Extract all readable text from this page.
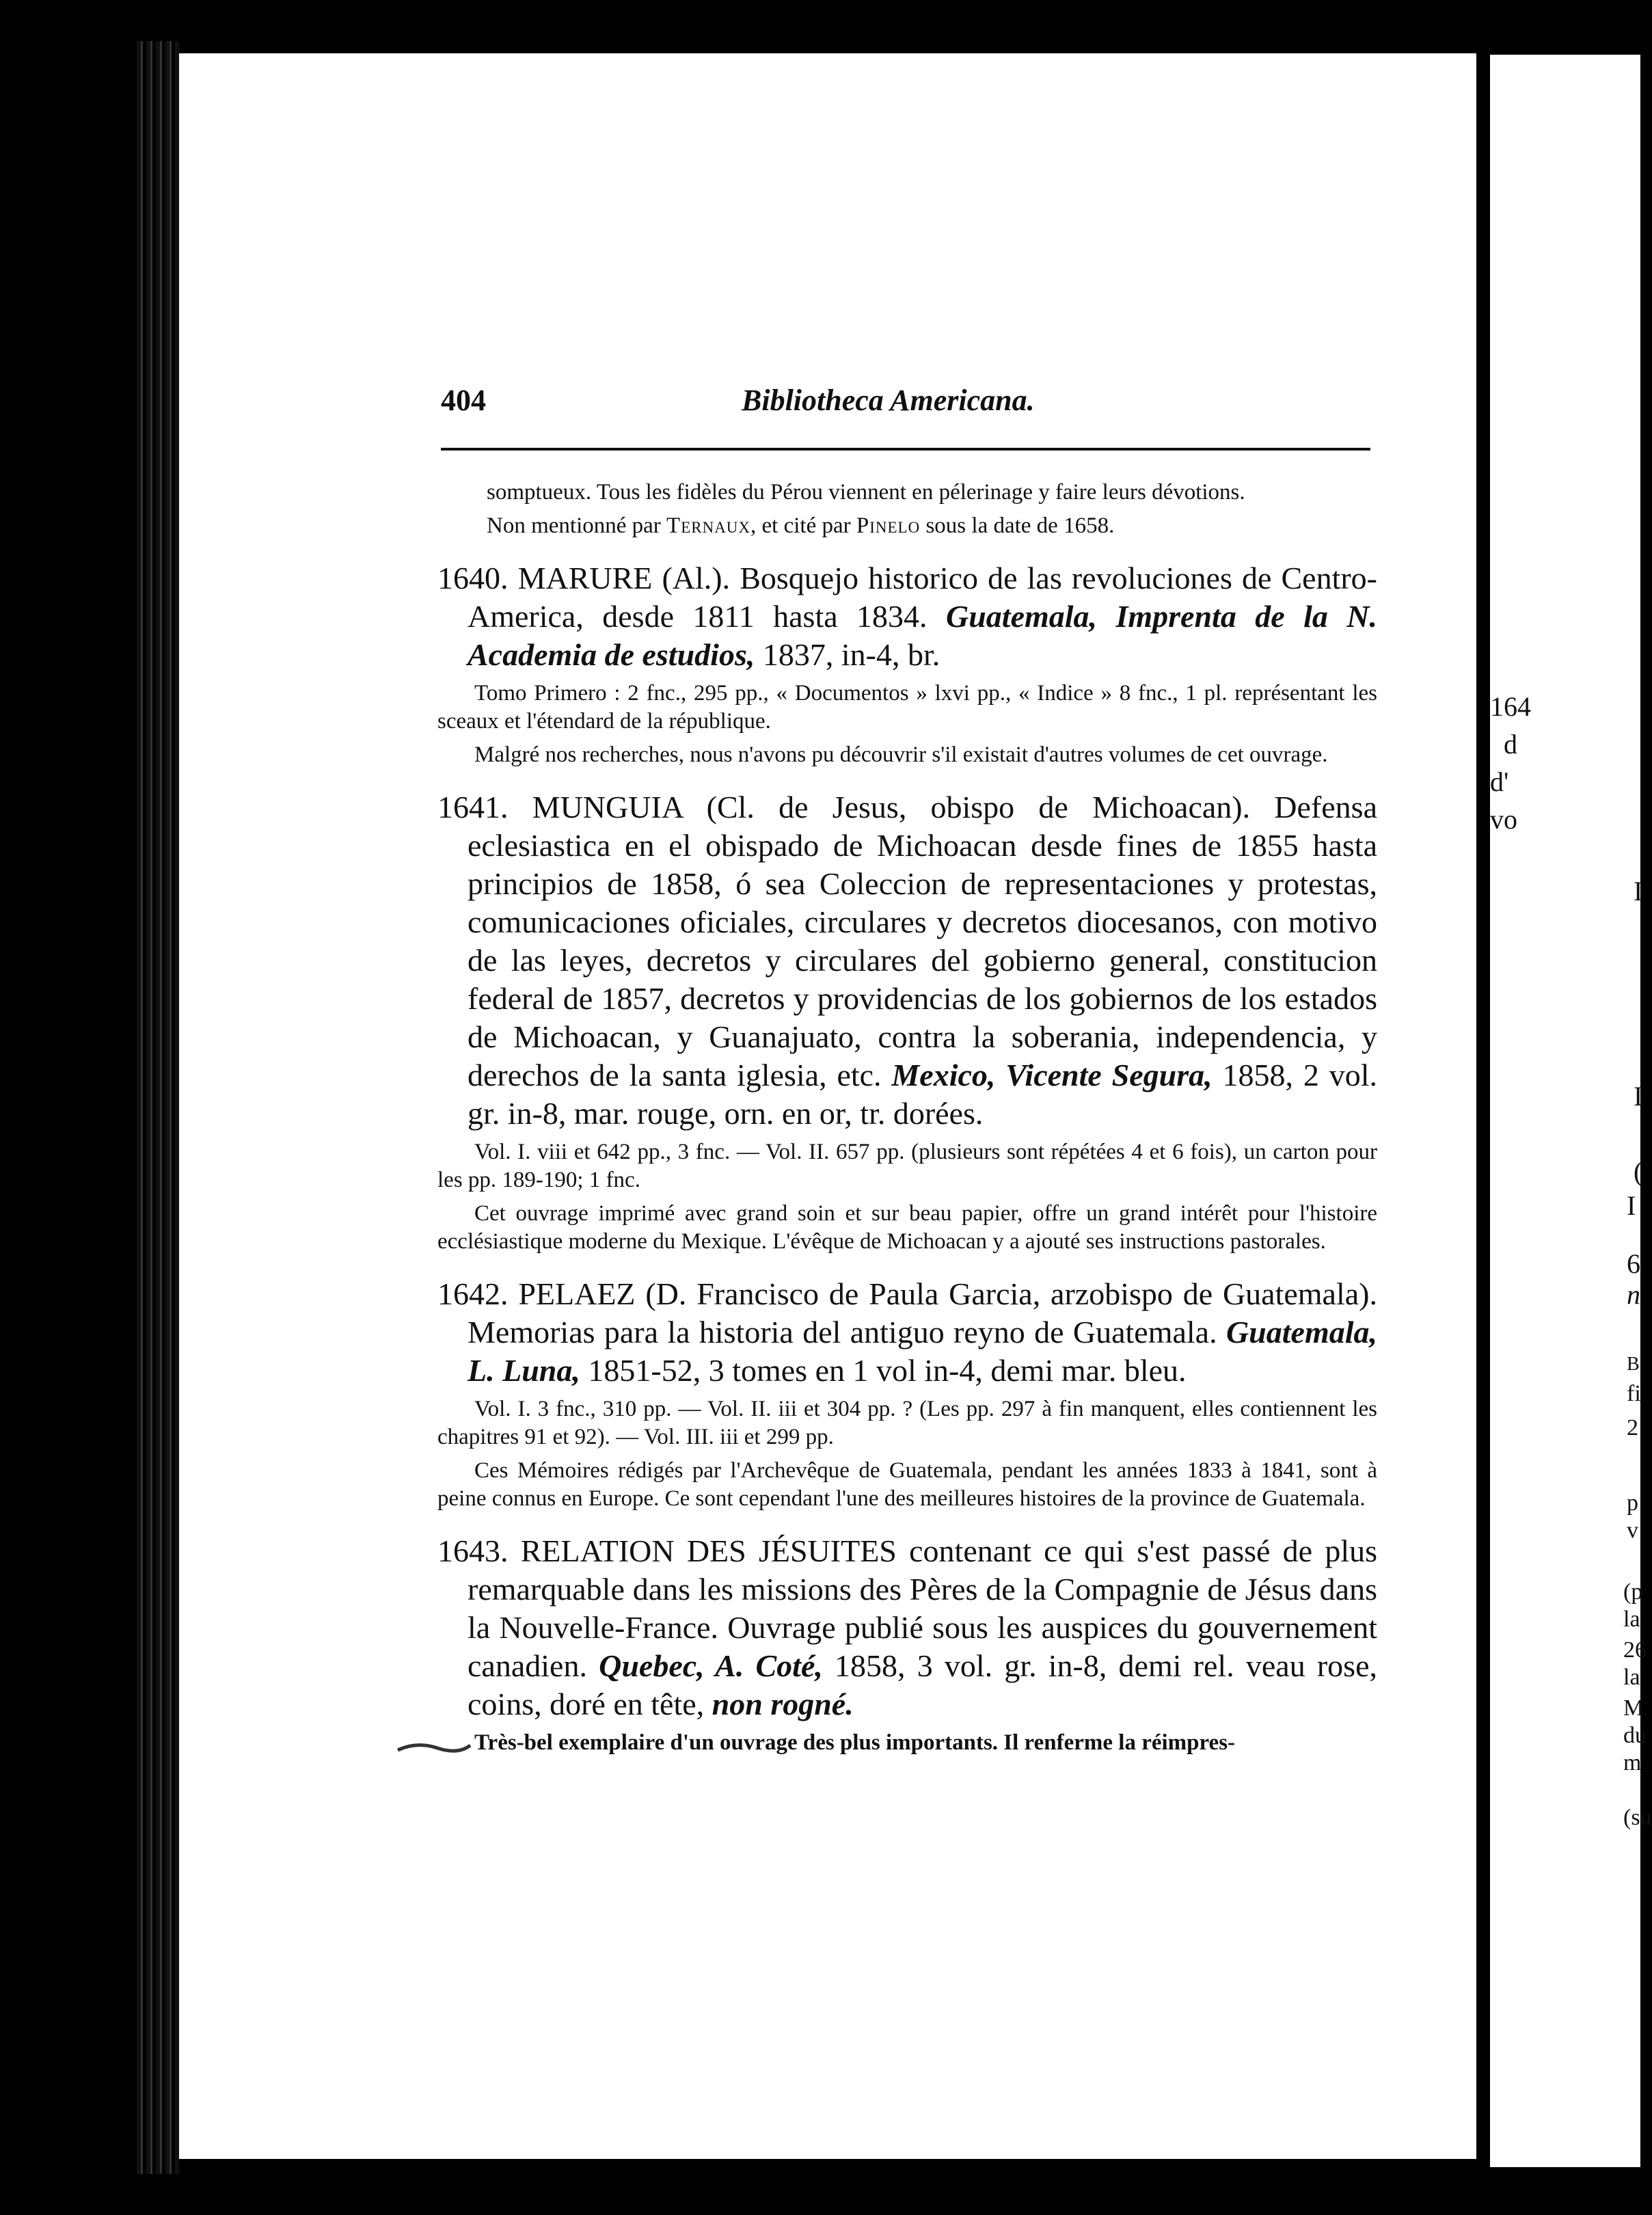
164
d
d'
vo
I
I
(
I
6
n
B
fi
2
p
v
(p
la
26
la
M
du
m
(su
404	Bibliotheca Americana.

somptueux. Tous les fidèles du Pérou viennent en pélerinage y faire leurs dévotions.

Non mentionné par Ternaux, et cité par Pinelo sous la date de 1658.

1640. MARURE (Al.). Bosquejo historico de las revoluciones de Centro-America, desde 1811 hasta 1834. Guatemala, Imprenta de la N. Academia de estudios, 1837, in-4, br.

Tomo Primero : 2 fnc., 295 pp., « Documentos » lxvi pp., « Indice » 8 fnc., 1 pl. représentant les sceaux et l'étendard de la république.

Malgré nos recherches, nous n'avons pu découvrir s'il existait d'autres volumes de cet ouvrage.

1641. MUNGUIA (Cl. de Jesus, obispo de Michoacan). Defensa eclesiastica en el obispado de Michoacan desde fines de 1855 hasta principios de 1858, ó sea Coleccion de representaciones y protestas, comunicaciones oficiales, circulares y decretos diocesanos, con motivo de las leyes, decretos y circulares del gobierno general, constitucion federal de 1857, decretos y providencias de los gobiernos de los estados de Michoacan, y Guanajuato, contra la soberania, independencia, y derechos de la santa iglesia, etc. Mexico, Vicente Segura, 1858, 2 vol. gr. in-8, mar. rouge, orn. en or, tr. dorées.

Vol. I. viii et 642 pp., 3 fnc. — Vol. II. 657 pp. (plusieurs sont répétées 4 et 6 fois), un carton pour les pp. 189-190; 1 fnc.

Cet ouvrage imprimé avec grand soin et sur beau papier, offre un grand intérêt pour l'histoire ecclésiastique moderne du Mexique. L'évêque de Michoacan y a ajouté ses instructions pastorales.

1642. PELAEZ (D. Francisco de Paula Garcia, arzobispo de Guatemala). Memorias para la historia del antiguo reyno de Guatemala. Guatemala, L. Luna, 1851-52, 3 tomes en 1 vol in-4, demi mar. bleu.

Vol. I. 3 fnc., 310 pp. — Vol. II. iii et 304 pp. ? (Les pp. 297 à fin manquent, elles contiennent les chapitres 91 et 92). — Vol. III. iii et 299 pp.

Ces Mémoires rédigés par l'Archevêque de Guatemala, pendant les années 1833 à 1841, sont à peine connus en Europe. Ce sont cependant l'une des meilleures histoires de la province de Guatemala.

1643. RELATION DES JÉSUITES contenant ce qui s'est passé de plus remarquable dans les missions des Pères de la Compagnie de Jésus dans la Nouvelle-France. Ouvrage publié sous les auspices du gouvernement canadien. Quebec, A. Coté, 1858, 3 vol. gr. in-8, demi rel. veau rose, coins, doré en tête, non rogné.

Très-bel exemplaire d'un ouvrage des plus importants. Il renferme la réimpres-
